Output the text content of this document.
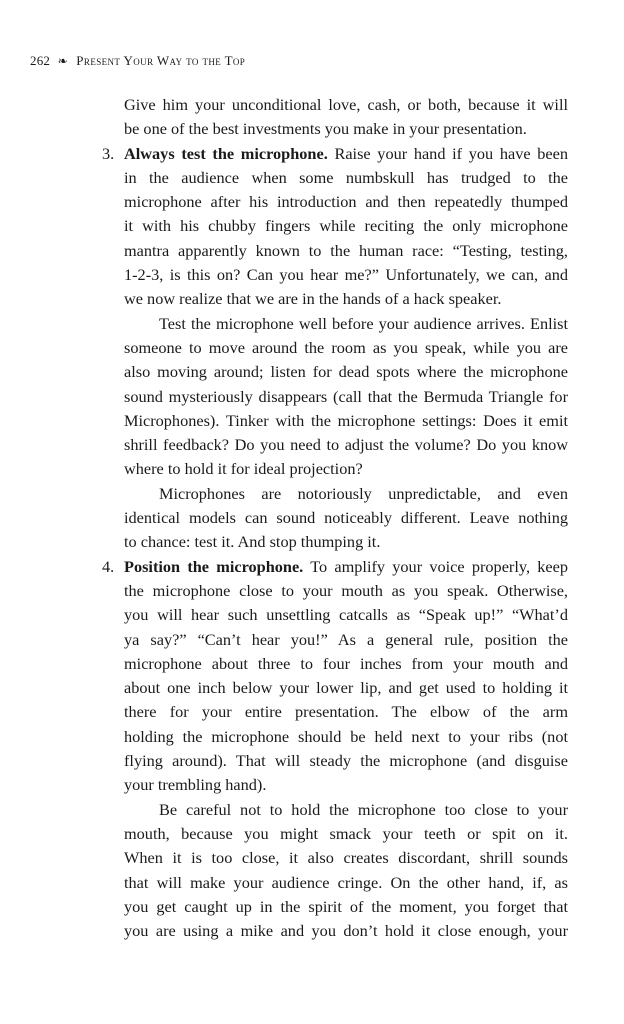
262 ❧ Present Your Way to the Top

Give him your unconditional love, cash, or both, because it will
be one of the best investments you make in your presentation.

3. Always test the microphone. Raise your hand if you have been
in the audience when some numbskull has trudged to the
microphone after his introduction and then repeatedly thumped
it with his chubby fingers while reciting the only microphone
mantra apparently known to the human race: “Testing, testing,
1-2-3, is this on? Can you hear me?” Unfortunately, we can, and
we now realize that we are in the hands of a hack speaker.

Test the microphone well before your audience arrives. Enlist
someone to move around the room as you speak, while you are
also moving around; listen for dead spots where the microphone
sound mysteriously disappears (call that the Bermuda Triangle for
Microphones). Tinker with the microphone settings: Does it emit
shrill feedback? Do you need to adjust the volume? Do you know
where to hold it for ideal projection?

Microphones are notoriously unpredictable, and even
identical models can sound noticeably different. Leave nothing
to chance: test it. And stop thumping it.

4. Position the microphone. To amplify your voice properly, keep
the microphone close to your mouth as you speak. Otherwise,
you will hear such unsettling catcalls as “Speak up!” “What’d
ya say?” “Can’t hear you!” As a general rule, position the
microphone about three to four inches from your mouth and
about one inch below your lower lip, and get used to holding it
there for your entire presentation. The elbow of the arm
holding the microphone should be held next to your ribs (not
flying around). That will steady the microphone (and disguise
your trembling hand).

Be careful not to hold the microphone too close to your
mouth, because you might smack your teeth or spit on it.
When it is too close, it also creates discordant, shrill sounds
that will make your audience cringe. On the other hand, if, as
you get caught up in the spirit of the moment, you forget that
you are using a mike and you don’t hold it close enough, your
